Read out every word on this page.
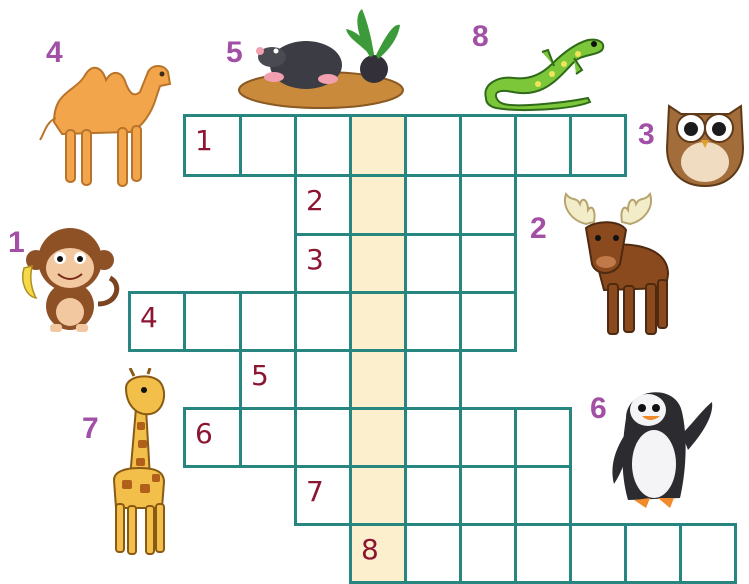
4	5	8
3
1	2
7
6
1
2
3
4
5
6
7
8
